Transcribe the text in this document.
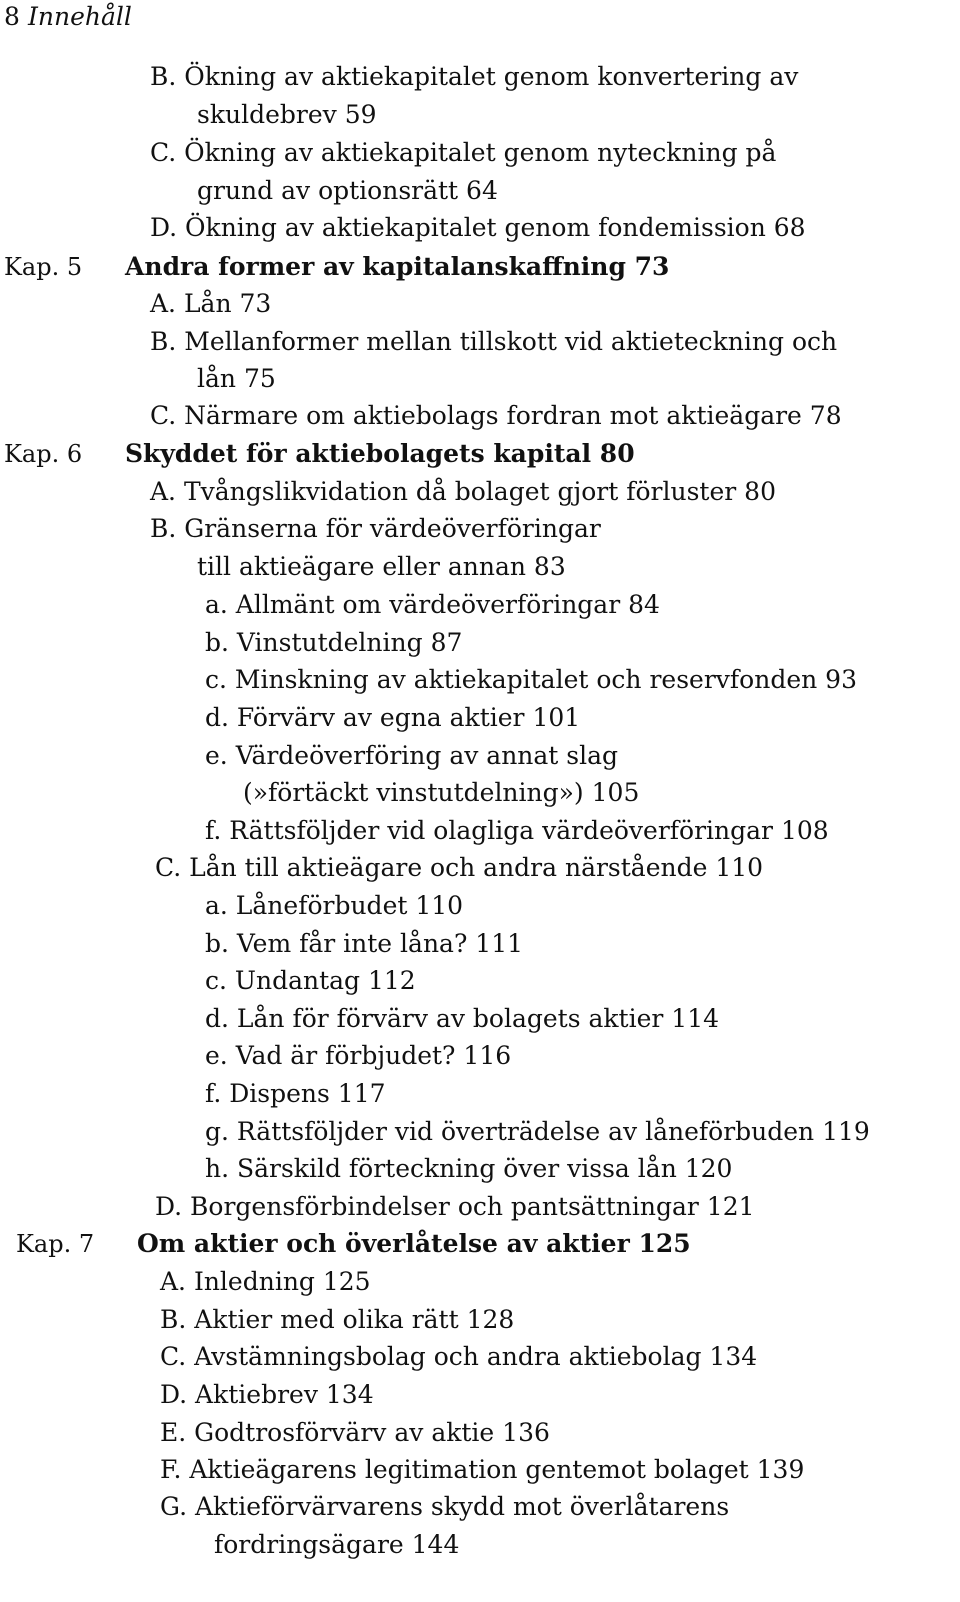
8 Innehåll
B. Ökning av aktiekapitalet genom konvertering av
skuldebrev 59
C. Ökning av aktiekapitalet genom nyteckning på
grund av optionsrätt 64
D. Ökning av aktiekapitalet genom fondemission 68
Kap. 5 Andra former av kapitalanskaffning 73
A. Lån 73
B. Mellanformer mellan tillskott vid aktieteckning och
lån 75
C. Närmare om aktiebolags fordran mot aktieägare 78
Kap. 6 Skyddet för aktiebolagets kapital 80
A. Tvångslikvidation då bolaget gjort förluster 80
B. Gränserna för värdeöverföringar
till aktieägare eller annan 83
a. Allmänt om värdeöverföringar 84
b. Vinstutdelning 87
c. Minskning av aktiekapitalet och reservfonden 93
d. Förvärv av egna aktier 101
e. Värdeöverföring av annat slag
(»förtäckt vinstutdelning») 105
f. Rättsföljder vid olagliga värdeöverföringar 108
C. Lån till aktieägare och andra närstående 110
a. Låneförbudet 110
b. Vem får inte låna? 111
c. Undantag 112
d. Lån för förvärv av bolagets aktier 114
e. Vad är förbjudet? 116
f. Dispens 117
g. Rättsföljder vid överträdelse av låneförbuden 119
h. Särskild förteckning över vissa lån 120
D. Borgensförbindelser och pantsättningar 121
Kap. 7 Om aktier och överlåtelse av aktier 125
A. Inledning 125
B. Aktier med olika rätt 128
C. Avstämningsbolag och andra aktiebolag 134
D. Aktiebrev 134
E. Godtrosförvärv av aktie 136
F. Aktieägarens legitimation gentemot bolaget 139
G. Aktieförvärvarens skydd mot överlåtarens
fordringsägare 144
